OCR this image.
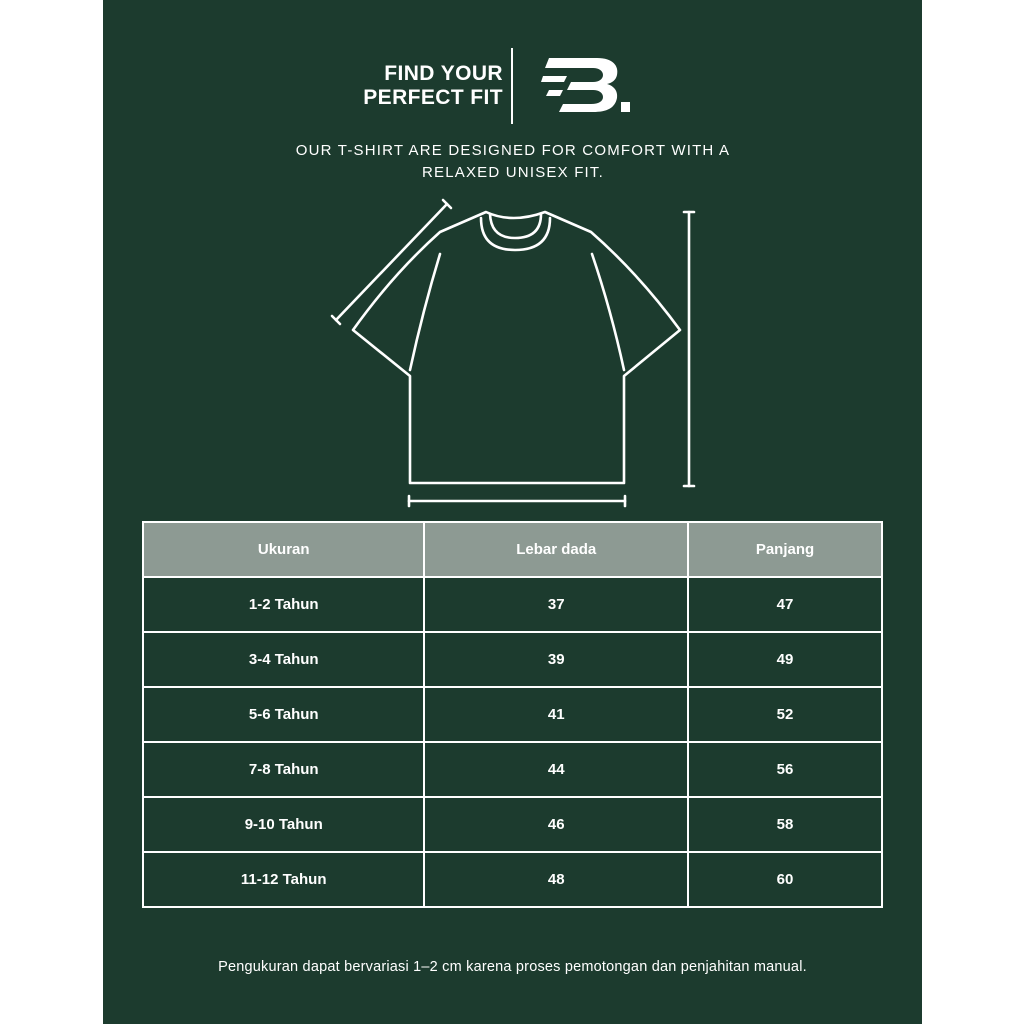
FIND YOUR
PERFECT FIT
OUR T-SHIRT ARE DESIGNED FOR COMFORT WITH A
RELAXED UNISEX FIT.
Ukuran	Lebar dada	Panjang
1-2 Tahun	37	47
3-4 Tahun	39	49
5-6 Tahun	41	52
7-8 Tahun	44	56
9-10 Tahun	46	58
11-12 Tahun	48	60
Pengukuran dapat bervariasi 1–2 cm karena proses pemotongan dan penjahitan manual.
